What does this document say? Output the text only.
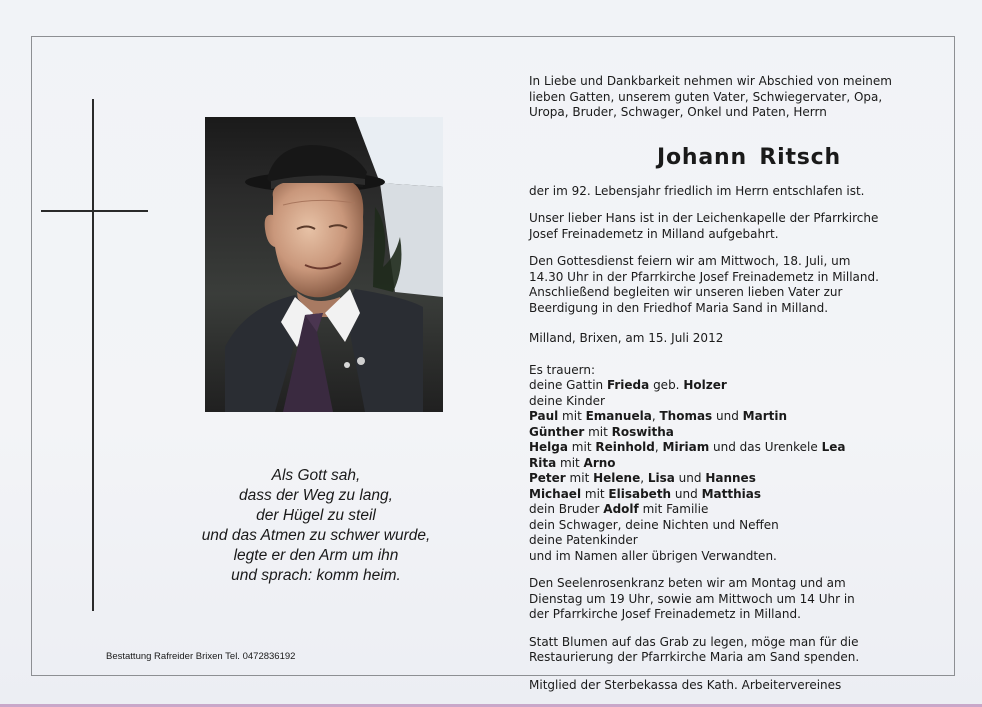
Als Gott sah,
dass der Weg zu lang,
der Hügel zu steil
und das Atmen zu schwer wurde,
legte er den Arm um ihn
und sprach: komm heim.
Bestattung Rafreider Brixen Tel. 0472836192
In Liebe und Dankbarkeit nehmen wir Abschied von meinem
lieben Gatten, unserem guten Vater, Schwiegervater, Opa,
Uropa, Bruder, Schwager, Onkel und Paten, Herrn
Johann Ritsch
der im 92. Lebensjahr friedlich im Herrn entschlafen ist.
Unser lieber Hans ist in der Leichenkapelle der Pfarrkirche
Josef Freinademetz in Milland aufgebahrt.
Den Gottesdienst feiern wir am Mittwoch, 18. Juli, um
14.30 Uhr in der Pfarrkirche Josef Freinademetz in Milland.
Anschließend begleiten wir unseren lieben Vater zur
Beerdigung in den Friedhof Maria Sand in Milland.
Milland, Brixen, am 15. Juli 2012
Es trauern:
deine Gattin Frieda geb. Holzer
deine Kinder
Paul mit Emanuela, Thomas und Martin
Günther mit Roswitha
Helga mit Reinhold, Miriam und das Urenkele Lea
Rita mit Arno
Peter mit Helene, Lisa und Hannes
Michael mit Elisabeth und Matthias
dein Bruder Adolf mit Familie
dein Schwager, deine Nichten und Neffen
deine Patenkinder
und im Namen aller übrigen Verwandten.
Den Seelenrosenkranz beten wir am Montag und am
Dienstag um 19 Uhr, sowie am Mittwoch um 14 Uhr in
der Pfarrkirche Josef Freinademetz in Milland.
Statt Blumen auf das Grab zu legen, möge man für die
Restaurierung der Pfarrkirche Maria am Sand spenden.
Mitglied der Sterbekassa des Kath. Arbeitervereines
